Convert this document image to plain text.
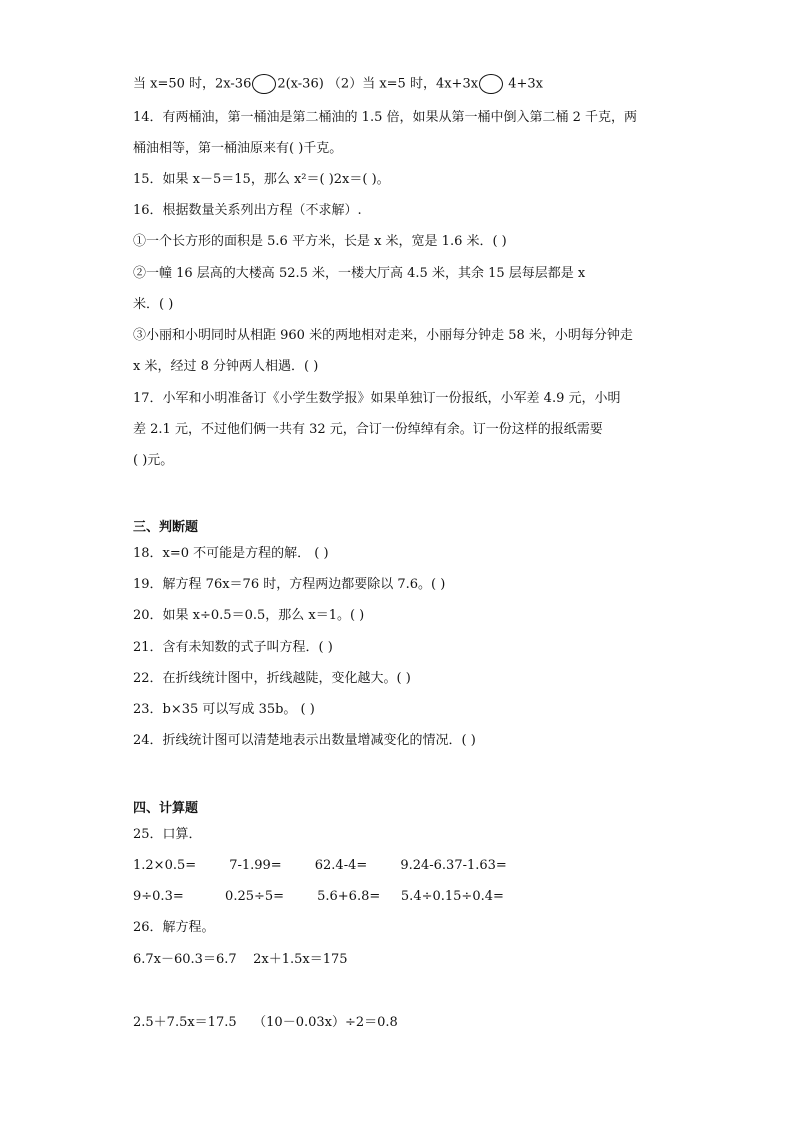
当 x=50 时，2x-36 2(x-36) （2）当 x=5 时，4x+3x 4+3x
14．有两桶油，第一桶油是第二桶油的 1.5 倍，如果从第一桶中倒入第二桶 2 千克，两
桶油相等，第一桶油原来有( )千克。
15．如果 x－5＝15，那么 x²＝( )2x＝( )。
16．根据数量关系列出方程（不求解）.
①一个长方形的面积是 5.6 平方米，长是 x 米，宽是 1.6 米．( )
②一幢 16 层高的大楼高 52.5 米，一楼大厅高 4.5 米，其余 15 层每层都是 x
米．( )
③小丽和小明同时从相距 960 米的两地相对走来，小丽每分钟走 58 米，小明每分钟走
x 米，经过 8 分钟两人相遇．( )
17．小军和小明准备订《小学生数学报》如果单独订一份报纸，小军差 4.9 元，小明
差 2.1 元，不过他们俩一共有 32 元，合订一份绰绰有余。订一份这样的报纸需要
( )元。
三、判断题
18．x=0 不可能是方程的解． ( )
19．解方程 76x＝76 时，方程两边都要除以 7.6。( )
20．如果 x÷0.5＝0.5，那么 x＝1。( )
21．含有未知数的式子叫方程．( )
22．在折线统计图中，折线越陡，变化越大。( )
23．b×35 可以写成 35b。 ( )
24．折线统计图可以清楚地表示出数量增减变化的情况．( )
四、计算题
25．口算．
1.2×0.5=        7-1.99=        62.4-4=        9.24-6.37-1.63=
9÷0.3=          0.25÷5=        5.6+6.8=     5.4÷0.15÷0.4=
26．解方程。
6.7x－60.3＝6.7    2x＋1.5x＝175
2.5＋7.5x＝17.5    （10－0.03x）÷2＝0.8
